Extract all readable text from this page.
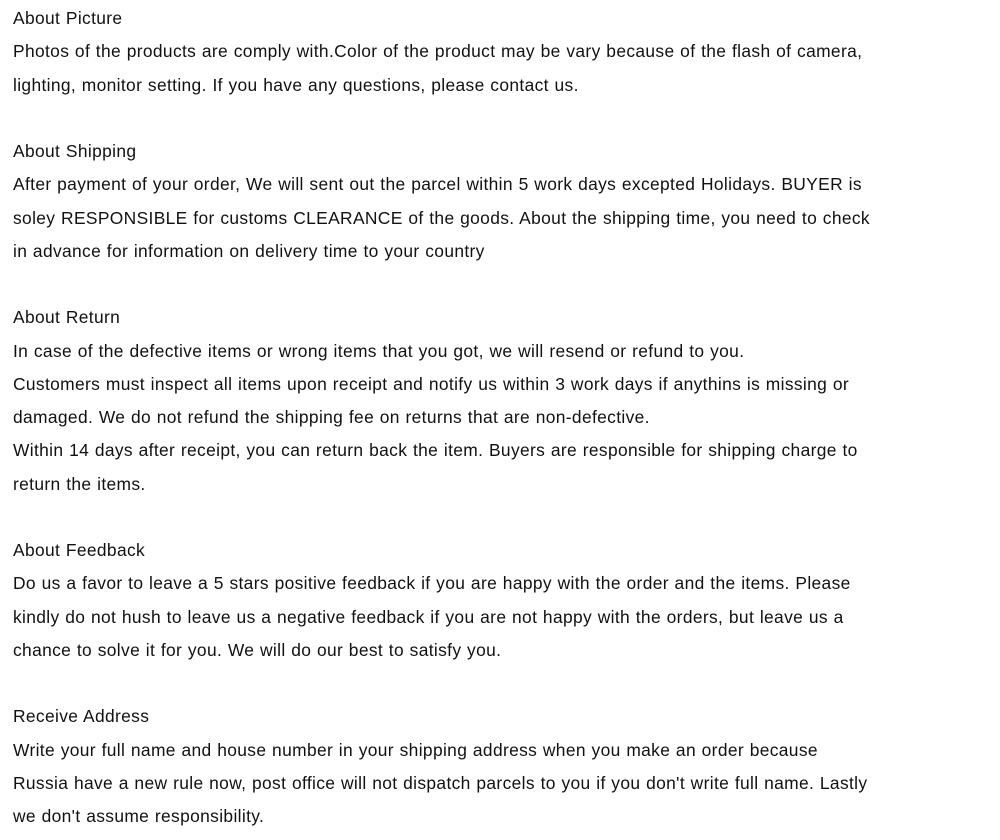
About Picture
Photos of the products are comply with.Color of the product may be vary because of the flash of camera,
lighting, monitor setting. If you have any questions, please contact us.
About Shipping
After payment of your order, We will sent out the parcel within 5 work days excepted Holidays. BUYER is
soley RESPONSIBLE for customs CLEARANCE of the goods. About the shipping time, you need to check
in advance for information on delivery time to your country
About Return
In case of the defective items or wrong items that you got, we will resend or refund to you.
Customers must inspect all items upon receipt and notify us within 3 work days if anythins is missing or
damaged. We do not refund the shipping fee on returns that are non-defective.
Within 14 days after receipt, you can return back the item. Buyers are responsible for shipping charge to
return the items.
About Feedback
Do us a favor to leave a 5 stars positive feedback if you are happy with the order and the items. Please
kindly do not hush to leave us a negative feedback if you are not happy with the orders, but leave us a
chance to solve it for you. We will do our best to satisfy you.
Receive Address
Write your full name and house number in your shipping address when you make an order because
Russia have a new rule now, post office will not dispatch parcels to you if you don't write full name. Lastly
we don't assume responsibility.
